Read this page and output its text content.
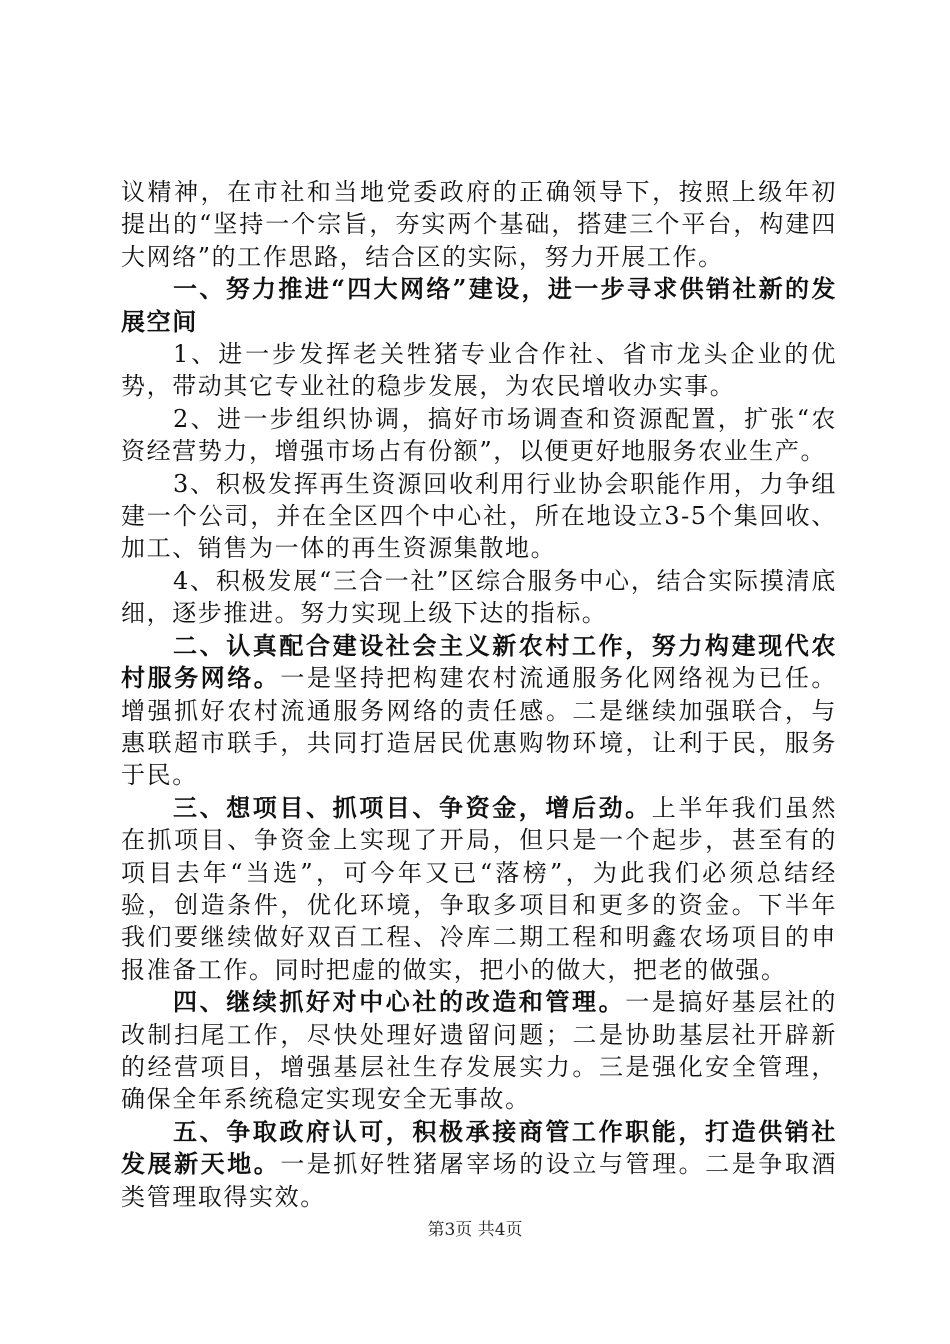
议精神，在市社和当地党委政府的正确领导下，按照上级年初提出的“坚持一个宗旨，夯实两个基础，搭建三个平台，构建四大网络”的工作思路，结合区的实际，努力开展工作。

一、努力推进“四大网络”建设，进一步寻求供销社新的发展空间

1、进一步发挥老关牲猪专业合作社、省市龙头企业的优势，带动其它专业社的稳步发展，为农民增收办实事。

2、进一步组织协调，搞好市场调查和资源配置，扩张“农资经营势力，增强市场占有份额”，以便更好地服务农业生产。

3、积极发挥再生资源回收利用行业协会职能作用，力争组建一个公司，并在全区四个中心社，所在地设立3-5个集回收、加工、销售为一体的再生资源集散地。

4、积极发展“三合一社”区综合服务中心，结合实际摸清底细，逐步推进。努力实现上级下达的指标。

二、认真配合建设社会主义新农村工作，努力构建现代农村服务网络。一是坚持把构建农村流通服务化网络视为已任。增强抓好农村流通服务网络的责任感。二是继续加强联合，与惠联超市联手，共同打造居民优惠购物环境，让利于民，服务于民。

三、想项目、抓项目、争资金，增后劲。上半年我们虽然在抓项目、争资金上实现了开局，但只是一个起步，甚至有的项目去年“当选”，可今年又已“落榜”，为此我们必须总结经验，创造条件，优化环境，争取多项目和更多的资金。下半年我们要继续做好双百工程、冷库二期工程和明鑫农场项目的申报准备工作。同时把虚的做实，把小的做大，把老的做强。

四、继续抓好对中心社的改造和管理。一是搞好基层社的改制扫尾工作，尽快处理好遗留问题；二是协助基层社开辟新的经营项目，增强基层社生存发展实力。三是强化安全管理，确保全年系统稳定实现安全无事故。

五、争取政府认可，积极承接商管工作职能，打造供销社发展新天地。一是抓好牲猪屠宰场的设立与管理。二是争取酒类管理取得实效。

第3页 共4页
